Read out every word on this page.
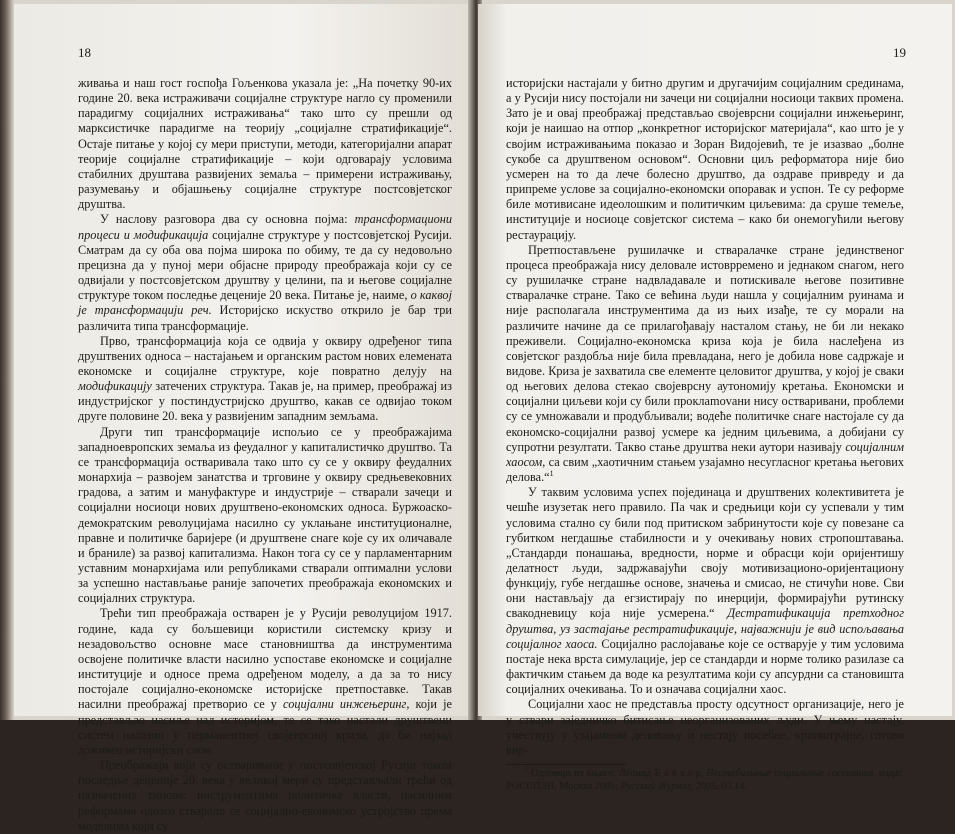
18

живања и наш гост госпођа Гољенкова указала је: „На почетку 90-их године 20. века истраживачи социјалне структуре нагло су променили парадигму социјалних истраживања“ тако што су прешли од марксистичке парадигме на теорију „социјалне стратификације“. Остаје питање у којој су мери приступи, методи, категоријални апарат теорије социјалне стратификације – који одговарају условима стабилних друштава развијених земаља – примерени истраживању, разумевању и објашњењу социјалне структуре постсовјетског друштва.

У наслову разговора два су основна појма: трансформациони процеси и модификација социјалне структуре у постсовјетској Русији. Сматрам да су оба ова појма широка по обиму, те да су недовољно прецизна да у пуној мери објасне природу преображаја који су се одвијали у постсовјетском друштву у целини, па и његове социјалне структуре током последње деценије 20 века. Питање је, наиме, о каквој је трансформацији реч. Историјско искуство открило је бар три различита типа трансформације.

Прво, трансформација која се одвија у оквиру одређеног типа друштвених односа – настајањем и органским растом нових елемената економске и социјалне структуре, које повратно делују на модификацију затечених структура. Такав је, на пример, преображај из индустријског у постиндустријско друштво, какав се одвијао током друге половине 20. века у развијеним западним земљама.

Други тип трансформације испољио се у преображајима западноевропских земаља из феудалног у капиталистичко друштво. Та се трансформација остваривала тако што су се у оквиру феудалних монархија – развојем занатства и трговине у оквиру средњевековних градова, а затим и мануфактуре и индустрије – стварали зачеци и социјални носиоци нових друштвено-економских односа. Буржоаско-демократским револуцијама насилно су уклањане институционалне, правне и политичке баријере (и друштвене снаге које су их оличавале и браниле) за развој капитализма. Након тога су се у парламентарним уставним монархијама или републиками стварали оптимални услови за успешно настављање раније започетих преображаја економских и социјалних структура.

Трећи тип преображаја остварен је у Русији револуцијом 1917. године, када су бољшевици користили системску кризу и незадовољство основне масе становништва да инструментима освојене политичке власти насилно успоставе економске и социјалне институције и односе према одређеном моделу, а да за то нису постојале социјално-економске историјске претпоставке. Такав насилни преображај претворио се у социјални инжењеринг, који је представљао насиље над историјом, те се тако настали друштвени систем налазио у перманентној својеврсној кризи, да би најзад доживео историјски слом.

Преображаји који су остваривани у постсовјетској Русији током последње деценије 20. века у великој мери су представљали трећи од назначених типова: инструментима политичке власти, насилним реформама одозго стварало се социјално-економско устројство према моделима који су

19

историјски настајали у битно другим и другачијим социјалним срединама, а у Русији нису постојали ни зачеци ни социјални носиоци таквих промена. Зато је и овај преображај представљао својеврсни социјални инжењеринг, који је наишао на отпор „конкретног историјског материјала“, као што је у својим истраживањима показао и Зоран Видојевић, те је изазвао „болне сукобе са друштвеном основом“. Основни циљ реформатора није био усмерен на то да лече болесно друштво, да оздраве привреду и да припреме услове за социјално-економски опоравак и успон. Те су реформе биле мотивисане идеолошким и политичким циљевима: да сруше темеље, институције и носиоце совјетског система – како би онемогућили његову рестаурацију.

Претпостављене рушилачке и стваралачке стране јединственог процеса преображаја нису деловале истоврремено и једнаком снагом, него су рушилачке стране надвладавале и потискивале његове позитивне стваралачке стране. Тако се већина људи нашла у социјалним руинама и није располагала инструментима да из њих изађе, те су морали на различите начине да се прилагођавају насталом стању, не би ли некако преживели. Социјално-економска криза која је била наслеђена из совјетског раздобља није била превладана, него је добила нове садржаје и видове. Криза је захватила све елементе целовитог друштва, у којој је сваки од његових делова стекао својеврсну аутономију кретања. Економски и социјални циљеви који су били проклаmovани нису остваривани, проблеми су се умножавали и продубљивали; водеће политичке снаге настојале су да економско-социјални развој усмере ка једним циљевима, а добијани су супротни резултати. Такво стање друштва неки аутори називају социјалним хаосом, са свим „хаотичним стањем узајамно несугласног кретања његових делова.“$^1$

У таквим условима успех појединаца и друштвених колективитета је чешће изузетак него правило. Па чак и средњици који су успевали у тим условима стално су били под притиском забринутости које су повезане са губитком негдашње стабилности и у очекивању нових стропоштавања. „Стандарди понашања, вредности, норме и обрасци који оријентишу делатност људи, задржавајући своју мотивизационо-оријентациону функцију, губе негдашње основе, значења и смисао, не стичући нове. Сви они настављају да егзистирају по инерцији, формирајући рутинску свакодневицу која није усмерена.“ Дестратификација претходног друштва, уз застајање рестратификације, најважнији је вид испољавања социјалног хаоса. Социјално раслојавање које се остварује у тим условима постаје нека врста симулације, јер се стандарди и норме толико разилазе са фактичким стањем да воде ка резултатима који су апсурдни са становишта социјалних очекивања. То и означава социјални хаос.

Социјални хаос не представља просту одсутност организације, него је у ствари заједничко битисање неорганизованих људи. У њему настају, учествују у узајамном деловању и нестају посебне, краткотрајне, готово вир-

$^1$ Одломци из књиге: Леонид Б л я х е р, Нестабильные социальные состояния, издат, РОССПЭН, Москва 2005; Русский Журнал, 2005. 03.14.
